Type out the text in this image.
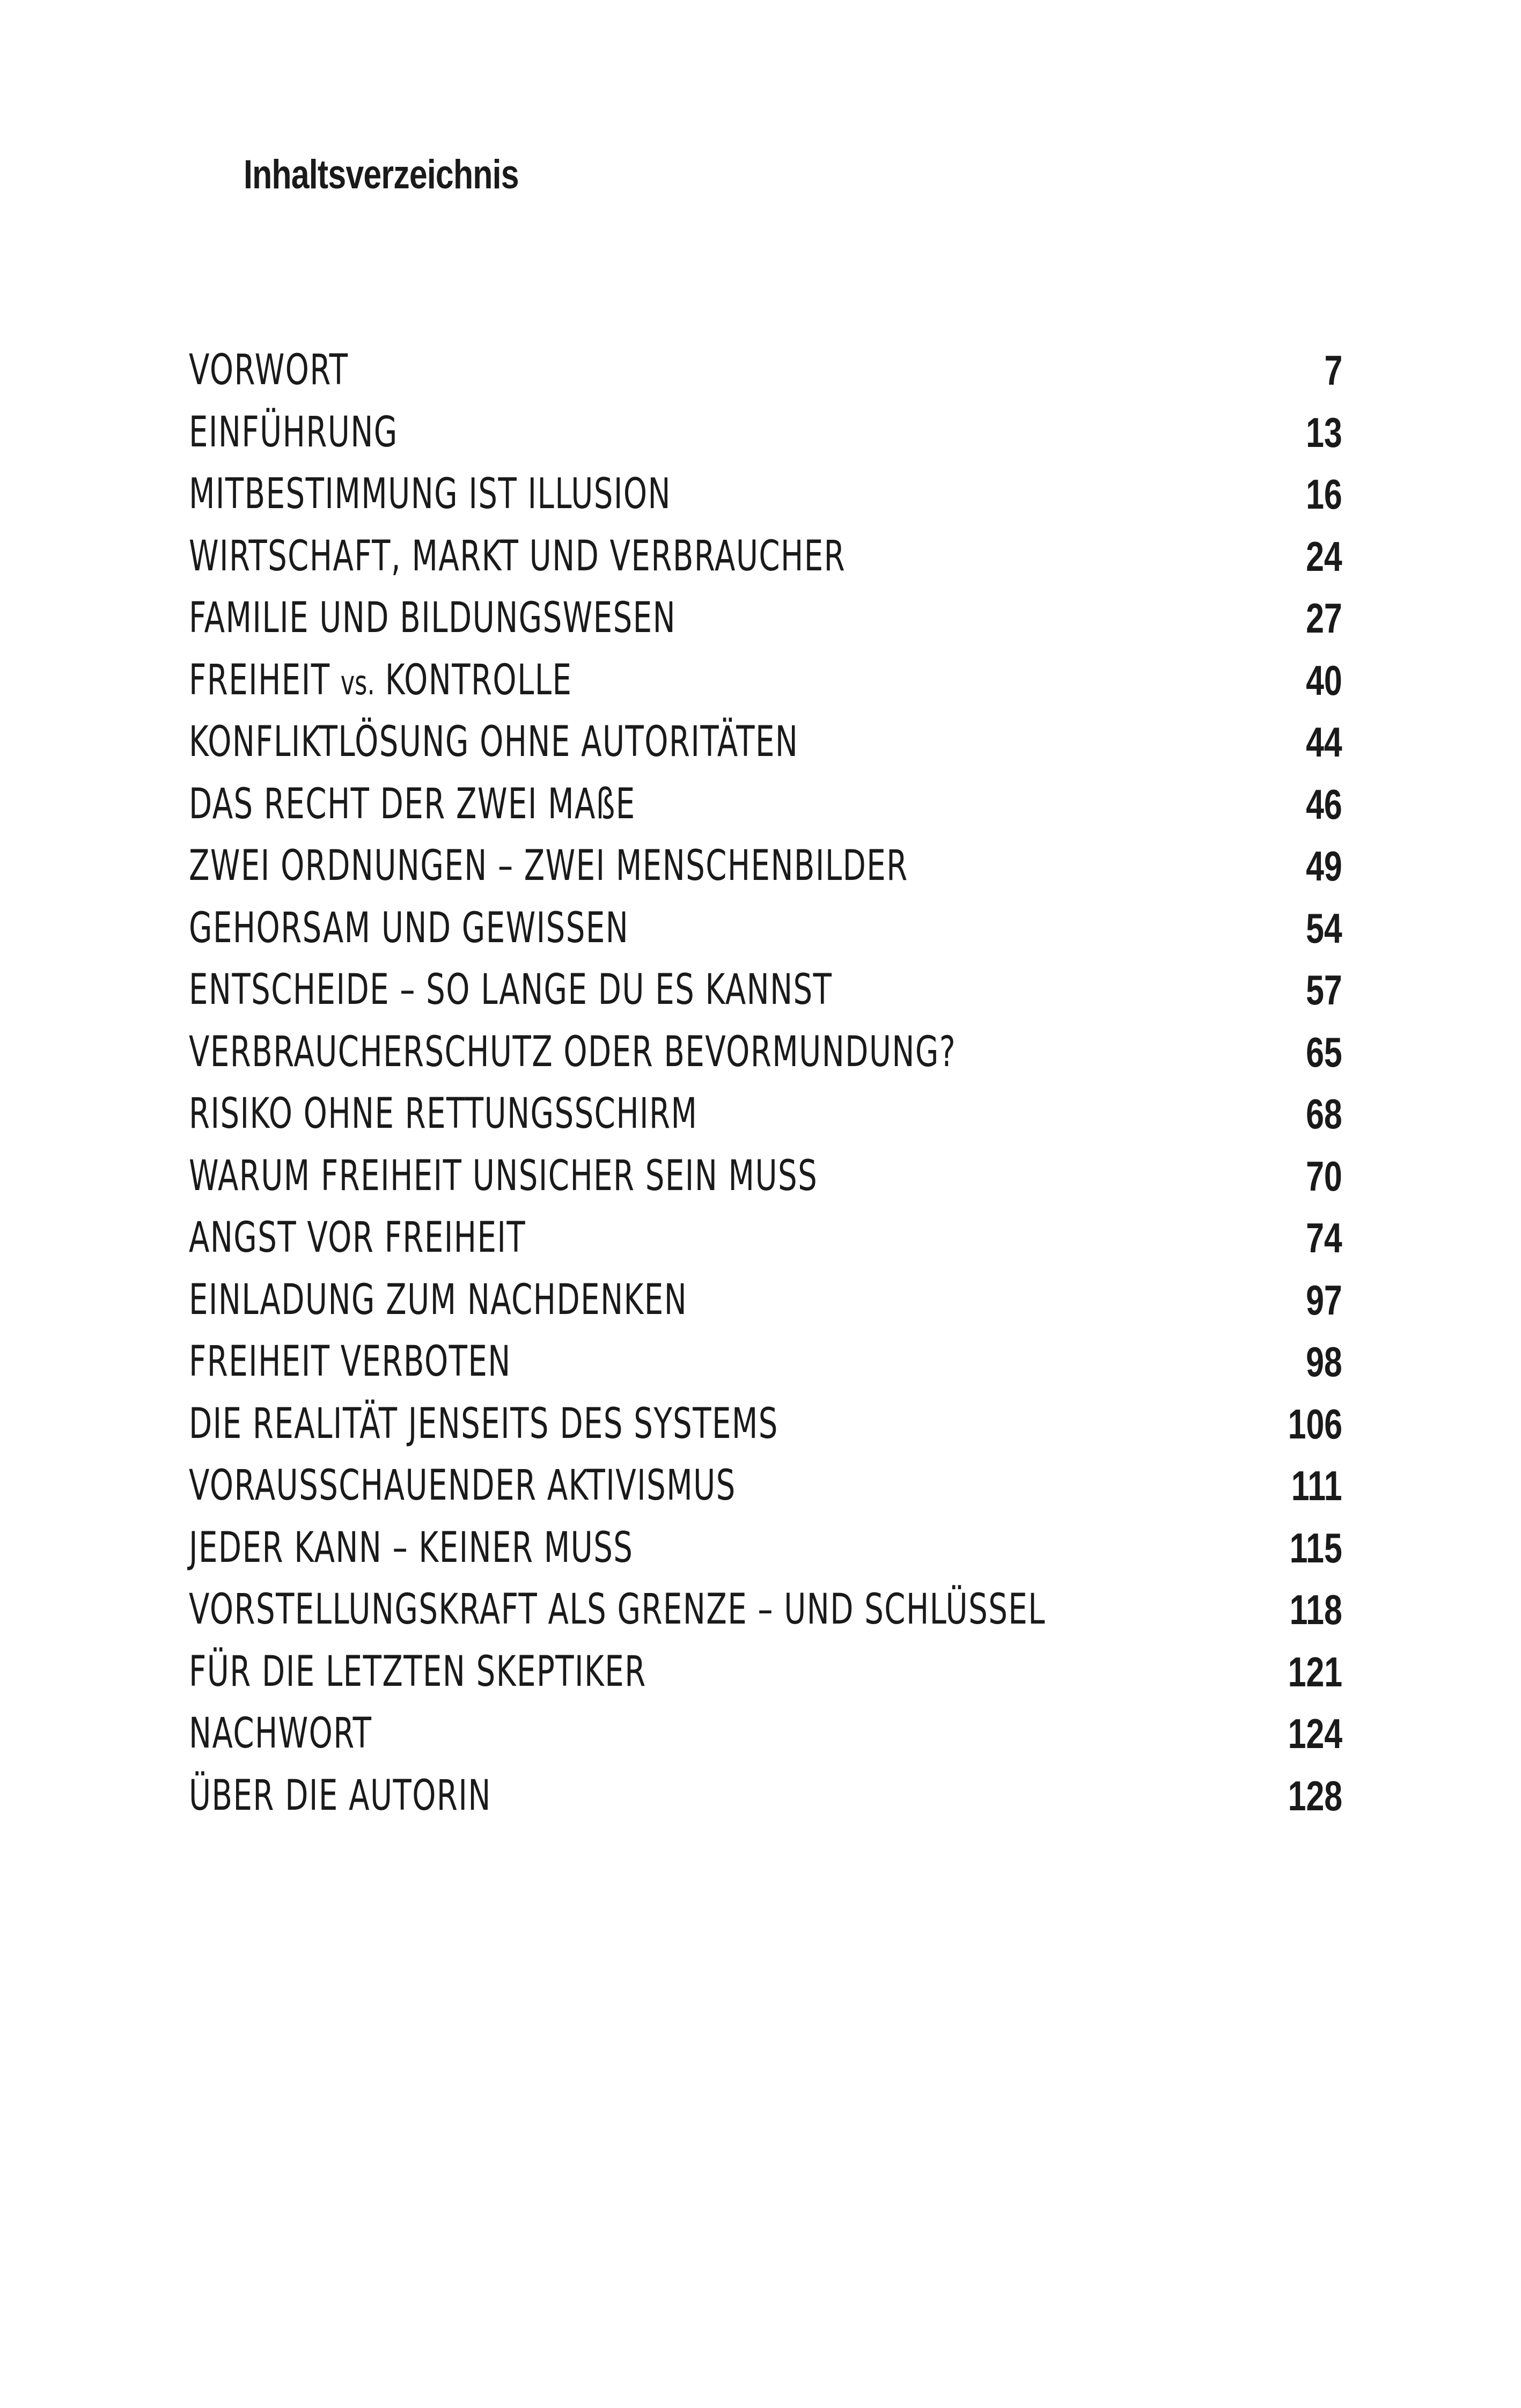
Inhaltsverzeichnis
VORWORT	7
EINFÜHRUNG	13
MITBESTIMMUNG IST ILLUSION	16
WIRTSCHAFT, MARKT UND VERBRAUCHER	24
FAMILIE UND BILDUNGSWESEN	27
FREIHEIT vs. KONTROLLE	40
KONFLIKTLÖSUNG OHNE AUTORITÄTEN	44
DAS RECHT DER ZWEI MAßE	46
ZWEI ORDNUNGEN – ZWEI MENSCHENBILDER	49
GEHORSAM UND GEWISSEN	54
ENTSCHEIDE – SO LANGE DU ES KANNST	57
VERBRAUCHERSCHUTZ ODER BEVORMUNDUNG?	65
RISIKO OHNE RETTUNGSSCHIRM	68
WARUM FREIHEIT UNSICHER SEIN MUSS	70
ANGST VOR FREIHEIT	74
EINLADUNG ZUM NACHDENKEN	97
FREIHEIT VERBOTEN	98
DIE REALITÄT JENSEITS DES SYSTEMS	106
VORAUSSCHAUENDER AKTIVISMUS	111
JEDER KANN – KEINER MUSS	115
VORSTELLUNGSKRAFT ALS GRENZE – UND SCHLÜSSEL	118
FÜR DIE LETZTEN SKEPTIKER	121
NACHWORT	124
ÜBER DIE AUTORIN	128
